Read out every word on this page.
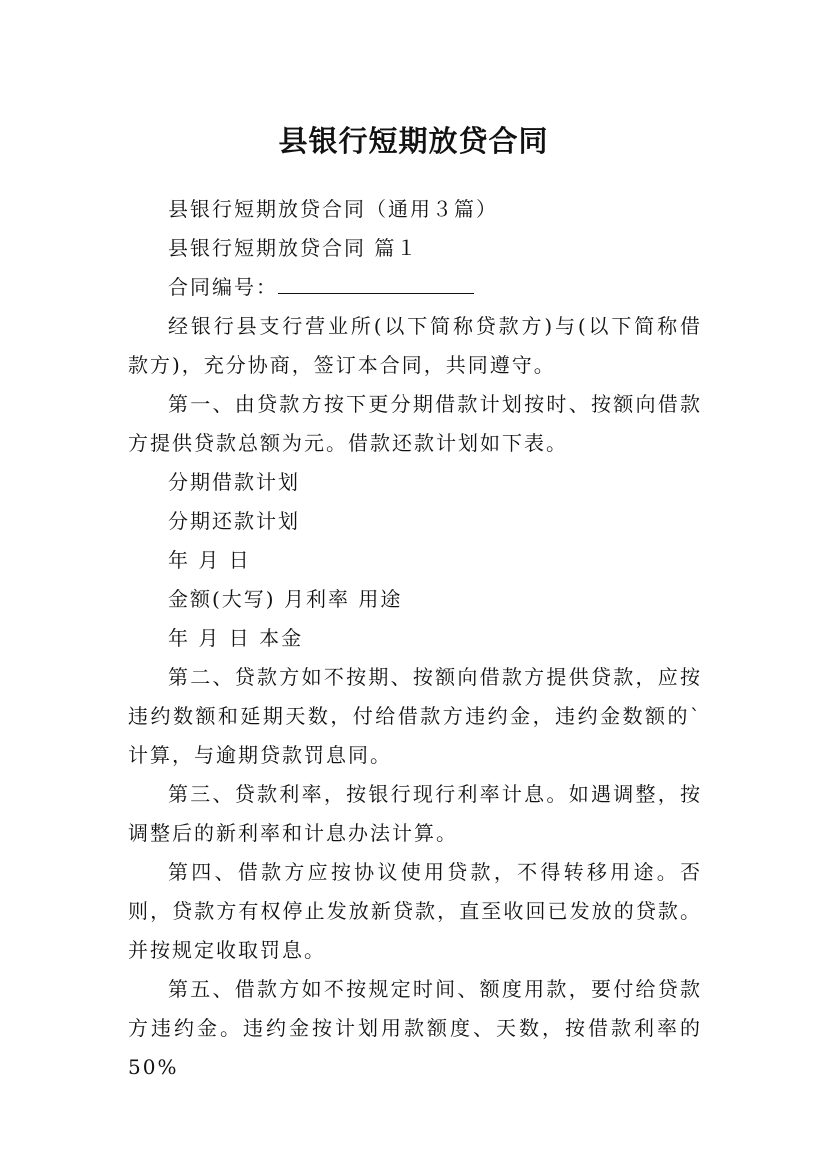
县银行短期放贷合同

县银行短期放贷合同（通用３篇）

县银行短期放贷合同 篇１

合同编号：

经银行县支行营业所(以下简称贷款方)与(以下简称借款方)，充分协商，签订本合同，共同遵守。

第一、由贷款方按下更分期借款计划按时、按额向借款方提供贷款总额为元。借款还款计划如下表。

分期借款计划

分期还款计划

年 月 日

金额(大写) 月利率 用途

年 月 日 本金

第二、贷款方如不按期、按额向借款方提供贷款，应按违约数额和延期天数，付给借款方违约金，违约金数额的`计算，与逾期贷款罚息同。

第三、贷款利率，按银行现行利率计息。如遇调整，按调整后的新利率和计息办法计算。

第四、借款方应按协议使用贷款，不得转移用途。否则，贷款方有权停止发放新贷款，直至收回已发放的贷款。并按规定收取罚息。

第五、借款方如不按规定时间、额度用款，要付给贷款方违约金。违约金按计划用款额度、天数，按借款利率的50%
